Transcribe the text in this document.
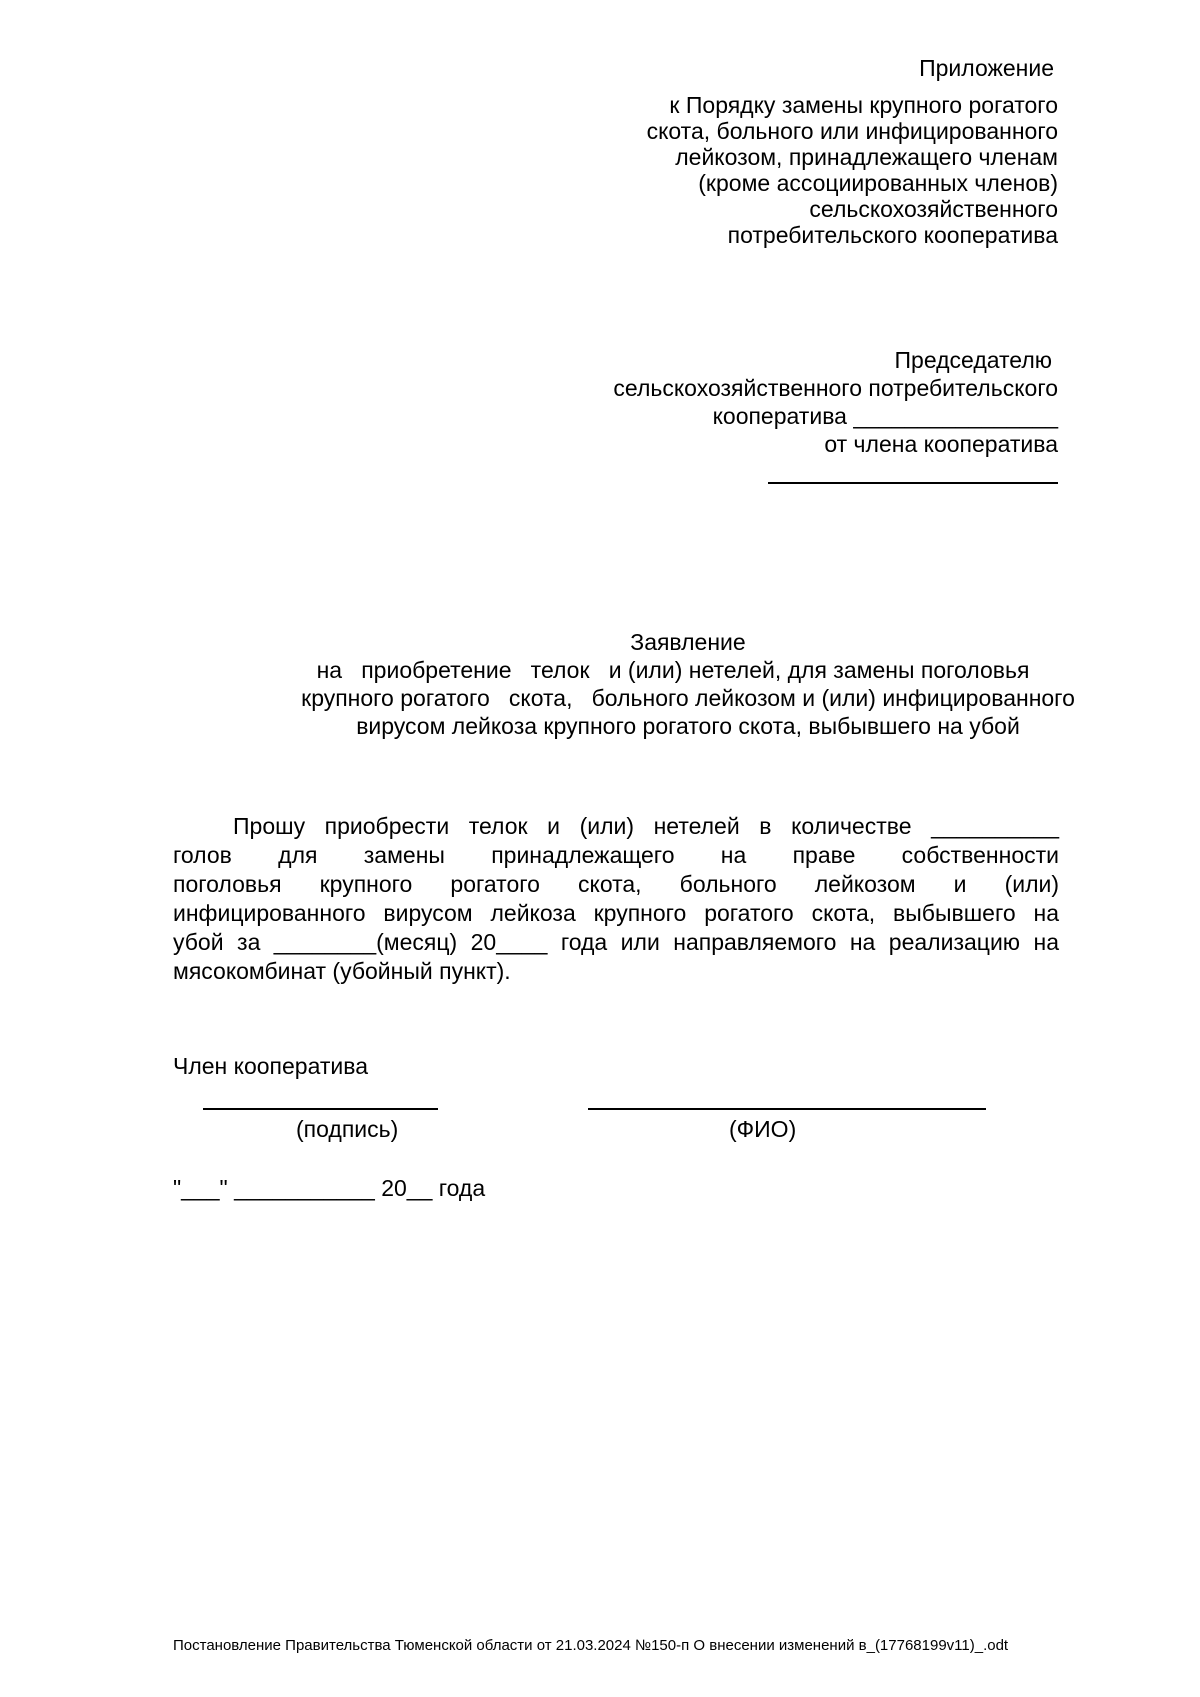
Приложение

к Порядку замены крупного рогатого

скота, больного или инфицированного

лейкозом, принадлежащего членам

(кроме ассоциированных членов)

сельскохозяйственного

потребительского кооператива

Председателю

сельскохозяйственного потребительского

кооператива ________________

от члена кооператива

Заявление

на   приобретение   телок   и (или) нетелей, для замены поголовья

крупного рогатого   скота,   больного лейкозом и (или) инфицированного

вирусом лейкоза крупного рогатого скота, выбывшего на убой

Прошу приобрести телок и (или) нетелей в количестве __________

голов для замены принадлежащего на праве собственности

поголовья крупного рогатого скота, больного лейкозом и (или)

инфицированного вирусом лейкоза крупного рогатого скота, выбывшего на

убой за ________(месяц) 20____ года или направляемого на реализацию на

мясокомбинат (убойный пункт).

Член кооператива

(подпись)	(ФИО)

"___" ___________ 20__ года

Постановление Правительства Тюменской области от 21.03.2024 №150-п О внесении изменений в_(17768199v11)_.odt
